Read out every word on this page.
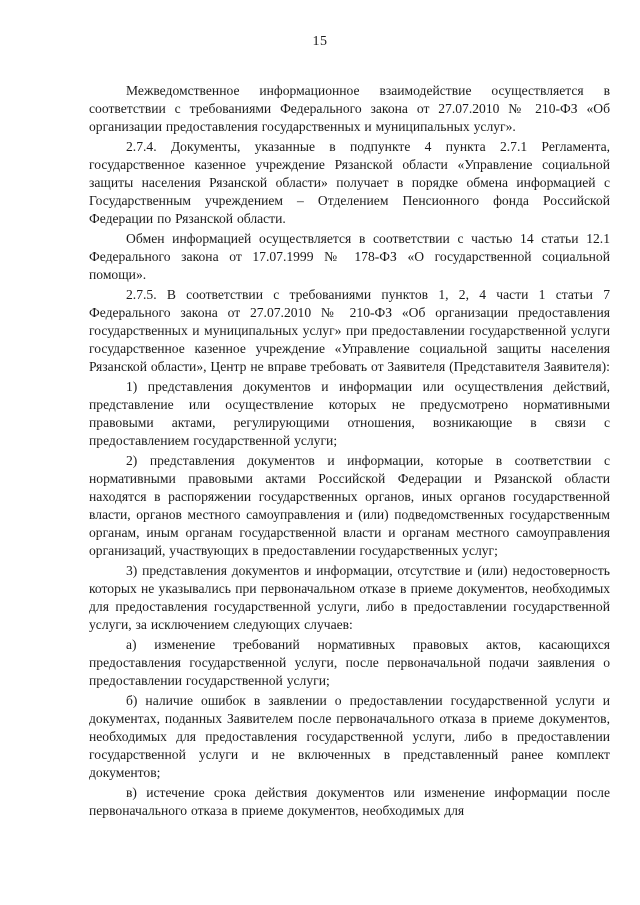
15

Межведомственное информационное взаимодействие осуществляется в соответствии с требованиями Федерального закона от 27.07.2010 № 210-ФЗ «Об организации предоставления государственных и муниципальных услуг».

2.7.4. Документы, указанные в подпункте 4 пункта 2.7.1 Регламента, государственное казенное учреждение Рязанской области «Управление социальной защиты населения Рязанской области» получает в порядке обмена информацией с Государственным учреждением – Отделением Пенсионного фонда Российской Федерации по Рязанской области.

Обмен информацией осуществляется в соответствии с частью 14 статьи 12.1 Федерального закона от 17.07.1999 № 178-ФЗ «О государственной социальной помощи».

2.7.5. В соответствии с требованиями пунктов 1, 2, 4 части 1 статьи 7 Федерального закона от 27.07.2010 № 210-ФЗ «Об организации предоставления государственных и муниципальных услуг» при предоставлении государственной услуги государственное казенное учреждение «Управление социальной защиты населения Рязанской области», Центр не вправе требовать от Заявителя (Представителя Заявителя):

1) представления документов и информации или осуществления действий, представление или осуществление которых не предусмотрено нормативными правовыми актами, регулирующими отношения, возникающие в связи с предоставлением государственной услуги;

2) представления документов и информации, которые в соответствии с нормативными правовыми актами Российской Федерации и Рязанской области находятся в распоряжении государственных органов, иных органов государственной власти, органов местного самоуправления и (или) подведомственных государственным органам, иным органам государственной власти и органам местного самоуправления организаций, участвующих в предоставлении государственных услуг;

3) представления документов и информации, отсутствие и (или) недостоверность которых не указывались при первоначальном отказе в приеме документов, необходимых для предоставления государственной услуги, либо в предоставлении государственной услуги, за исключением следующих случаев:

а) изменение требований нормативных правовых актов, касающихся предоставления государственной услуги, после первоначальной подачи заявления о предоставлении государственной услуги;

б) наличие ошибок в заявлении о предоставлении государственной услуги и документах, поданных Заявителем после первоначального отказа в приеме документов, необходимых для предоставления государственной услуги, либо в предоставлении государственной услуги и не включенных в представленный ранее комплект документов;

в) истечение срока действия документов или изменение информации после первоначального отказа в приеме документов, необходимых для
